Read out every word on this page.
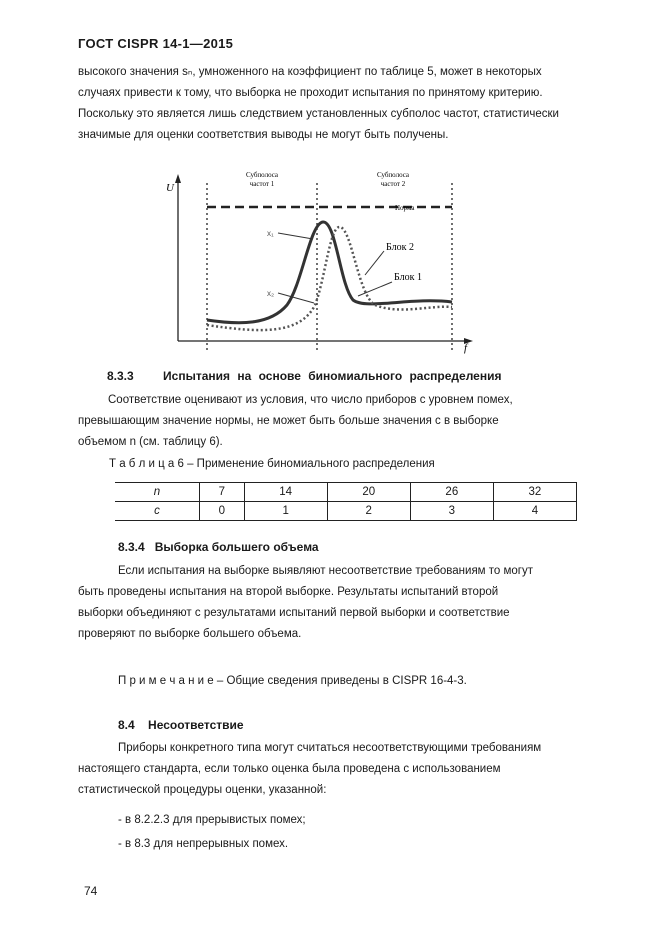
ГОСТ CISPR 14-1—2015
высокого значения sₙ, умноженного на коэффициент по таблице 5, может в некоторых
случаях привести к тому, что выборка не проходит испытания по принятому критерию.
Поскольку это является лишь следствием установленных субполос частот, статистически
значимые для оценки соответствия выводы не могут быть получены.
U
f
Субполоса
частот 1
Субполоса
частот 2
Норма
x₁
x₂
Блок 2
Блок 1
8.3.3 Испытания на основе биномиального распределения
Соответствие оценивают из условия, что число приборов с уровнем помех,
превышающим значение нормы, не может быть больше значения c в выборке
объемом n (см. таблицу 6).
Т а б л и ц а 6 – Применение биномиального распределения
n	7	14	20	26	32
c	0	1	2	3	4
8.3.4 Выборка большего объема
Если испытания на выборке выявляют несоответствие требованиям то могут
быть проведены испытания на второй выборке. Результаты испытаний второй
выборки объединяют с результатами испытаний первой выборки и соответствие
проверяют по выборке большего объема.
П р и м е ч а н и е – Общие сведения приведены в CISPR 16-4-3.
8.4 Несоответствие
Приборы конкретного типа могут считаться несоответствующими требованиям
настоящего стандарта, если только оценка была проведена с использованием
статистической процедуры оценки, указанной:
- в 8.2.2.3 для прерывистых помех;
- в 8.3 для непрерывных помех.
74
